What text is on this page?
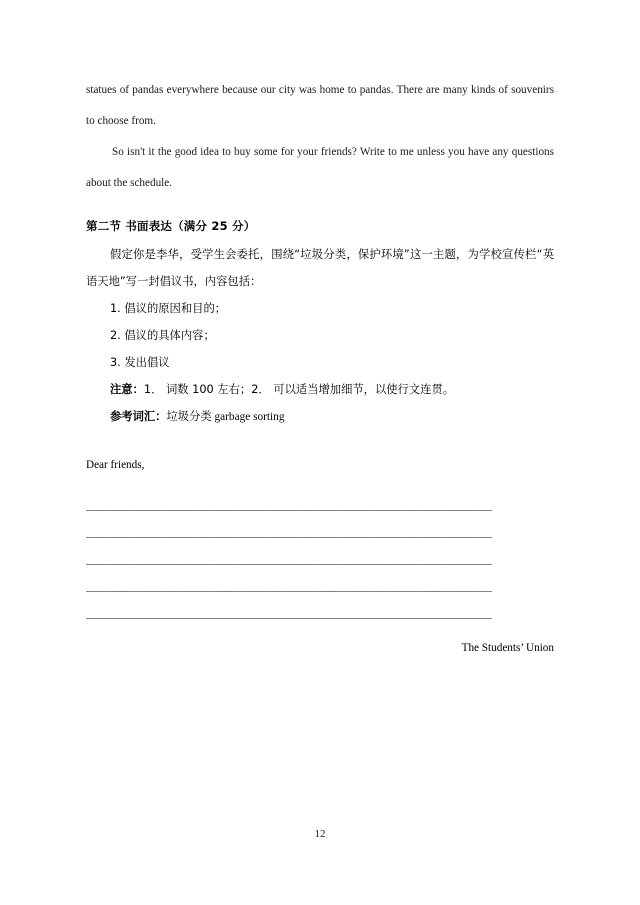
statues of pandas everywhere because our city was home to pandas. There are many kinds of souvenirs to choose from.

So isn't it the good idea to buy some for your friends? Write to me unless you have any questions about the schedule.

第二节 书面表达（满分 25 分）

假定你是李华，受学生会委托，围绕“垃圾分类，保护环境”这一主题，为学校宣传栏“英语天地”写一封倡议书，内容包括：

1. 倡议的原因和目的；

2. 倡议的具体内容；

3. 发出倡议

注意：1． 词数 100 左右；2． 可以适当增加细节，以使行文连贯。

参考词汇：垃圾分类 garbage sorting

Dear friends,

______________________________________________________________________________
______________________________________________________________________________
______________________________________________________________________________
______________________________________________________________________________
______________________________________________________________________________
The Students’ Union
12
